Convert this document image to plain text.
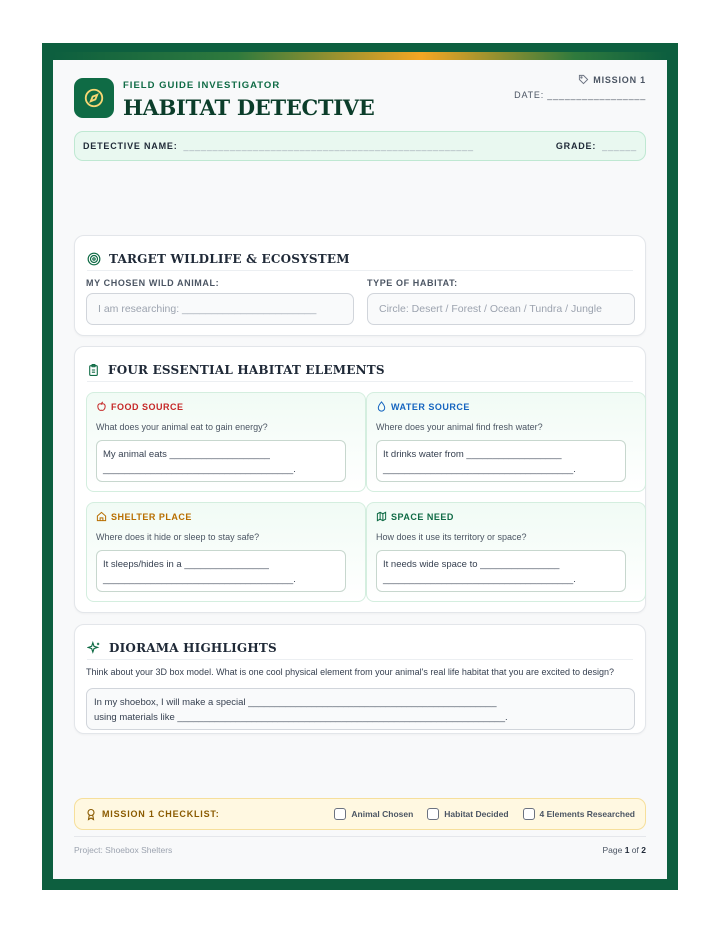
FIELD GUIDE INVESTIGATOR
HABITAT DETECTIVE
MISSION 1
DATE: _________________
DETECTIVE NAME: __________________________________________________	GRADE: ______
TARGET WILDLIFE & ECOSYSTEM
MY CHOSEN WILD ANIMAL:
I am researching: _______________________
TYPE OF HABITAT:
Circle: Desert / Forest / Ocean / Tundra / Jungle
FOUR ESSENTIAL HABITAT ELEMENTS
FOOD SOURCE
What does your animal eat to gain energy?
My animal eats ___________________
____________________________________.
WATER SOURCE
Where does your animal find fresh water?
It drinks water from __________________
____________________________________.
SHELTER PLACE
Where does it hide or sleep to stay safe?
It sleeps/hides in a ________________
____________________________________.
SPACE NEED
How does it use its territory or space?
It needs wide space to _______________
____________________________________.
DIORAMA HIGHLIGHTS
Think about your 3D box model. What is one cool physical element from your animal's real life habitat that you are excited to design?
In my shoebox, I will make a special _______________________________________________
using materials like ______________________________________________________________.
MISSION 1 CHECKLIST:	Animal Chosen	Habitat Decided	4 Elements Researched
Project: Shoebox Shelters	Page 1 of 2
